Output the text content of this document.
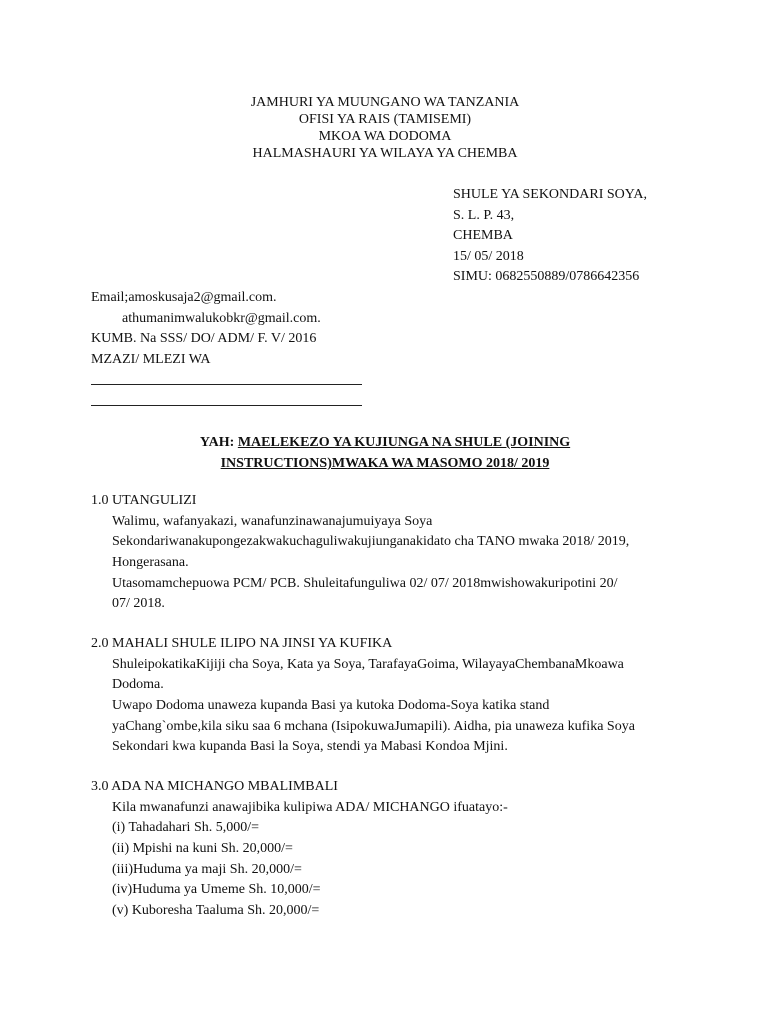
JAMHURI YA MUUNGANO WA TANZANIA
OFISI YA RAIS (TAMISEMI)
MKOA WA DODOMA
HALMASHAURI YA WILAYA YA CHEMBA
SHULE YA SEKONDARI SOYA,
S. L. P. 43,
CHEMBA
15/ 05/ 2018
SIMU: 0682550889/0786642356
Email;amoskusaja2@gmail.com.
athumanimwalukobkr@gmail.com.
KUMB. Na SSS/ DO/ ADM/ F. V/ 2016
MZAZI/ MLEZI WA
YAH: MAELEKEZO YA KUJIUNGA NA SHULE (JOINING
INSTRUCTIONS)MWAKA WA MASOMO 2018/ 2019
1.0 UTANGULIZI
Walimu, wafanyakazi, wanafunzinawanajumuiyaya Soya
Sekondariwanakupongezakwakuchaguliwakujiunganakidato cha TANO mwaka 2018/ 2019,
Hongerasana.
Utasomamchepuowa PCM/ PCB. Shuleitafunguliwa 02/ 07/ 2018mwishowakuripotini 20/
07/ 2018.
2.0 MAHALI SHULE ILIPO NA JINSI YA KUFIKA
ShuleipokatikaKijiji cha Soya, Kata ya Soya, TarafayaGoima, WilayayaChembanaMkoawa
Dodoma.
Uwapo Dodoma unaweza kupanda Basi ya kutoka Dodoma-Soya katika stand
yaChang`ombe,kila siku saa 6 mchana (IsipokuwaJumapili). Aidha, pia unaweza kufika Soya
Sekondari kwa kupanda Basi la Soya, stendi ya Mabasi Kondoa Mjini.
3.0 ADA NA MICHANGO MBALIMBALI
Kila mwanafunzi anawajibika kulipiwa ADA/ MICHANGO ifuatayo:-
(i) Tahadahari Sh. 5,000/=
(ii) Mpishi na kuni Sh. 20,000/=
(iii)Huduma ya maji Sh. 20,000/=
(iv)Huduma ya Umeme Sh. 10,000/=
(v) Kuboresha Taaluma Sh. 20,000/=
